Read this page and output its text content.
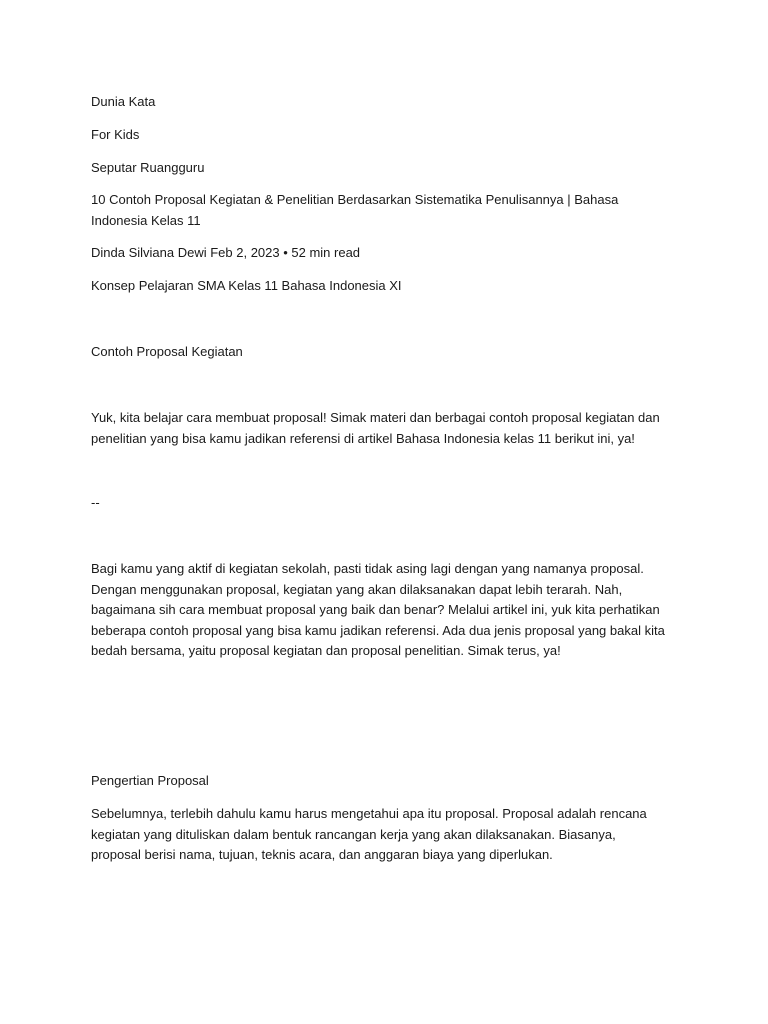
Dunia Kata

For Kids

Seputar Ruangguru

10 Contoh Proposal Kegiatan & Penelitian Berdasarkan Sistematika Penulisannya | Bahasa Indonesia Kelas 11

Dinda Silviana Dewi Feb 2, 2023 • 52 min read

Konsep Pelajaran SMA Kelas 11 Bahasa Indonesia XI

Contoh Proposal Kegiatan

Yuk, kita belajar cara membuat proposal! Simak materi dan berbagai contoh proposal kegiatan dan penelitian yang bisa kamu jadikan referensi di artikel Bahasa Indonesia kelas 11 berikut ini, ya!

--

Bagi kamu yang aktif di kegiatan sekolah, pasti tidak asing lagi dengan yang namanya proposal. Dengan menggunakan proposal, kegiatan yang akan dilaksanakan dapat lebih terarah. Nah, bagaimana sih cara membuat proposal yang baik dan benar? Melalui artikel ini, yuk kita perhatikan beberapa contoh proposal yang bisa kamu jadikan referensi. Ada dua jenis proposal yang bakal kita bedah bersama, yaitu proposal kegiatan dan proposal penelitian. Simak terus, ya!

Pengertian Proposal

Sebelumnya, terlebih dahulu kamu harus mengetahui apa itu proposal. Proposal adalah rencana kegiatan yang dituliskan dalam bentuk rancangan kerja yang akan dilaksanakan. Biasanya, proposal berisi nama, tujuan, teknis acara, dan anggaran biaya yang diperlukan.
